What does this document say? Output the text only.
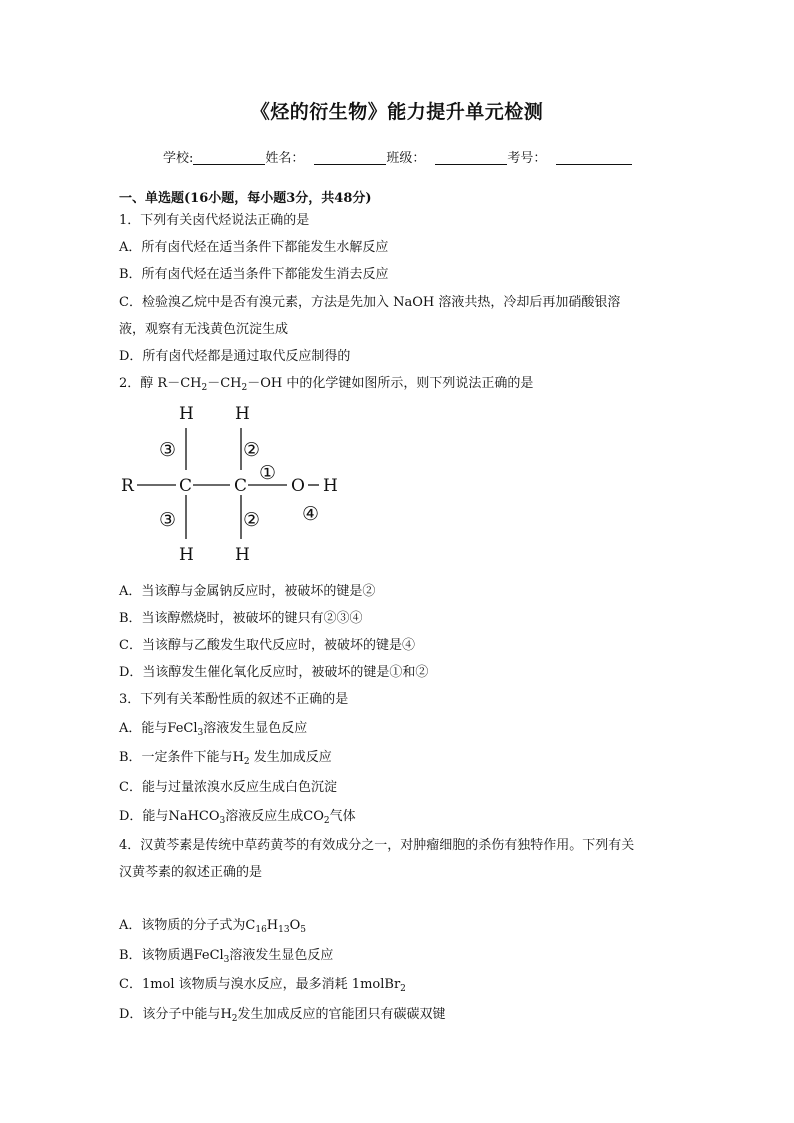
《烃的衍生物》能力提升单元检测
学校:	姓名：	班级：	考号：
一、单选题(16小题，每小题3分，共48分)
1．下列有关卤代烃说法正确的是
A．所有卤代烃在适当条件下都能发生水解反应
B．所有卤代烃在适当条件下都能发生消去反应
C．检验溴乙烷中是否有溴元素，方法是先加入 NaOH 溶液共热，冷却后再加硝酸银溶
液，观察有无浅黄色沉淀生成
D．所有卤代烃都是通过取代反应制得的
2．醇 $R-CH_2-CH_2-OH$ 中的化学键如图所示，则下列说法正确的是
H H
R	C C	O H
H H
③	②
①
③	② ④
A．当该醇与金属钠反应时，被破坏的键是②
B．当该醇燃烧时，被破坏的键只有②③④
C．当该醇与乙酸发生取代反应时，被破坏的键是④
D．当该醇发生催化氧化反应时，被破坏的键是①和②
3．下列有关苯酚性质的叙述不正确的是
A．能与FeCl$_3$溶液发生显色反应
B．一定条件下能与$H_2$ 发生加成反应
C．能与过量浓溴水反应生成白色沉淀
D．能与NaHCO$_3$溶液反应生成$CO_2$气体
4．汉黄芩素是传统中草药黄芩的有效成分之一，对肿瘤细胞的杀伤有独特作用。下列有关
汉黄芩素的叙述正确的是
A．该物质的分子式为$C_{16}H_{13}O_5$
B．该物质遇FeCl$_3$溶液发生显色反应
C．1mol 该物质与溴水反应，最多消耗 1molBr$_2$
D．该分子中能与$H_2$发生加成反应的官能团只有碳碳双键
